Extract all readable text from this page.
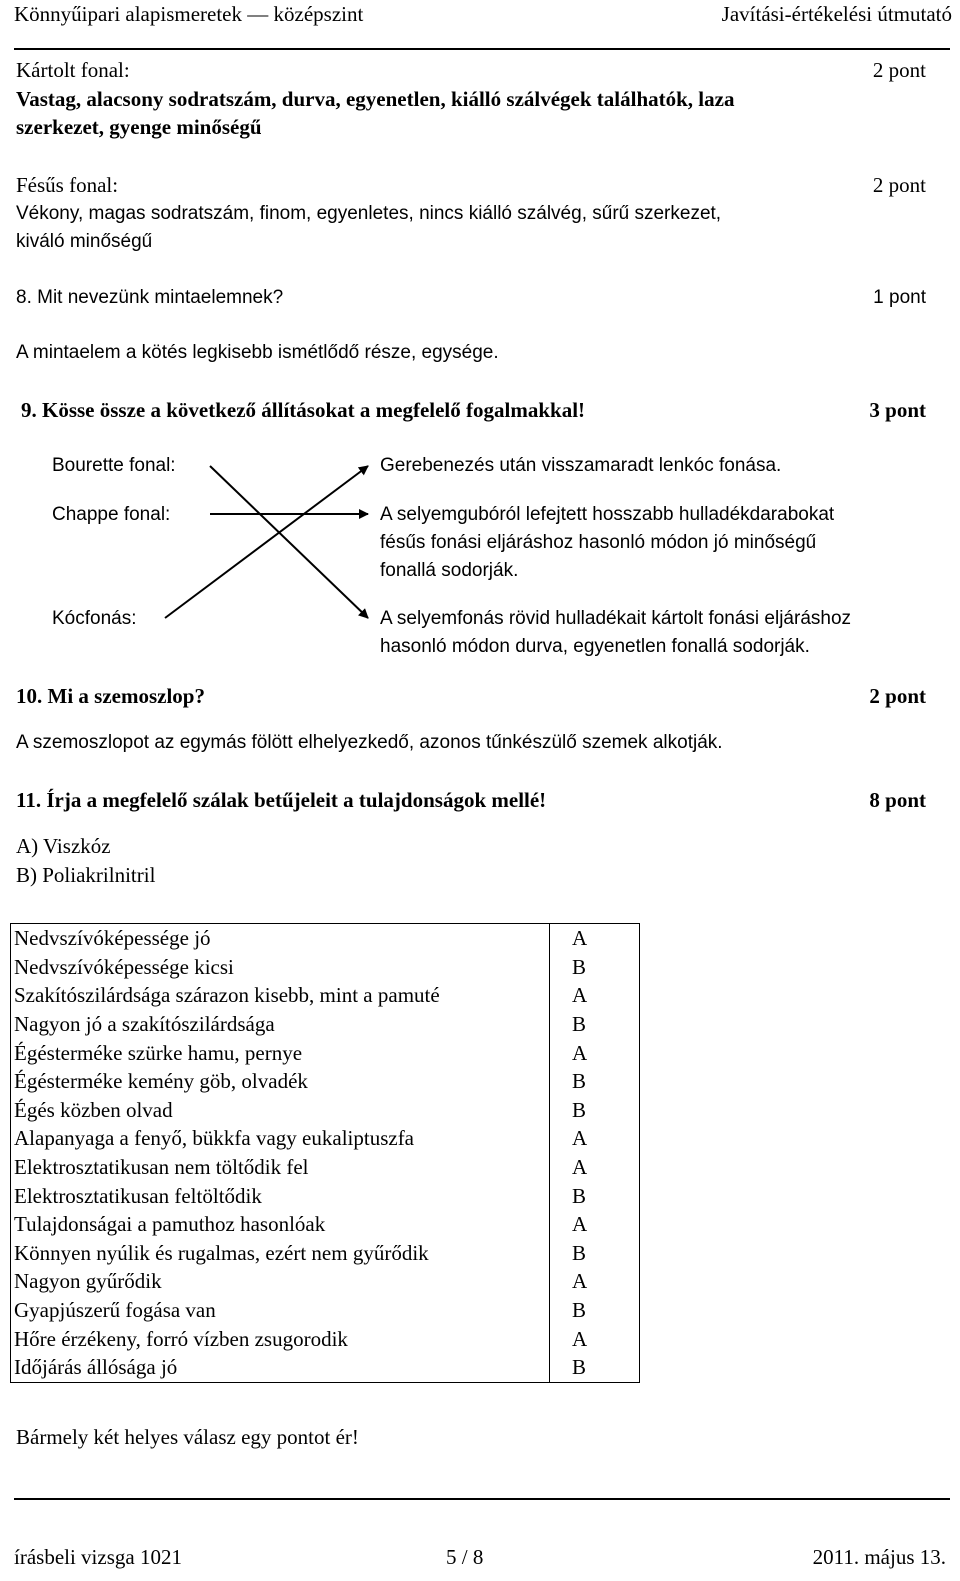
Könnyűipari alapismeretek — középszint	Javítási-értékelési útmutató
Kártolt fonal:	2 pont
Vastag, alacsony sodratszám, durva, egyenetlen, kiálló szálvégek találhatók, laza
szerkezet, gyenge minőségű
Fésűs fonal:	2 pont
Vékony, magas sodratszám, finom, egyenletes, nincs kiálló szálvég, sűrű szerkezet,
kiváló minőségű
8. Mit nevezünk mintaelemnek?	1 pont
A mintaelem a kötés legkisebb ismétlődő része, egysége.
9. Kösse össze a következő állításokat a megfelelő fogalmakkal!	3 pont
Bourette fonal:
Chappe fonal:
Kócfonás:
Gerebenezés után visszamaradt lenkóc fonása.
A selyemgubóról lefejtett hosszabb hulladékdarabokat
fésűs fonási eljáráshoz hasonló módon jó minőségű
fonallá sodorják.
A selyemfonás rövid hulladékait kártolt fonási eljáráshoz
hasonló módon durva, egyenetlen fonallá sodorják.
10. Mi a szemoszlop?	2 pont
A szemoszlopot az egymás fölött elhelyezkedő, azonos tűnkészülő szemek alkotják.
11. Írja a megfelelő szálak betűjeleit a tulajdonságok mellé!	8 pont
A) Viszkóz
B) Poliakrilnitril
Nedvszívóképessége jó	A
Nedvszívóképessége kicsi	B
Szakítószilárdsága szárazon kisebb, mint a pamuté	A
Nagyon jó a szakítószilárdsága	B
Égésterméke szürke hamu, pernye	A
Égésterméke kemény göb, olvadék	B
Égés közben olvad	B
Alapanyaga a fenyő, bükkfa vagy eukaliptuszfa	A
Elektrosztatikusan nem töltődik fel	A
Elektrosztatikusan feltöltődik	B
Tulajdonságai a pamuthoz hasonlóak	A
Könnyen nyúlik és rugalmas, ezért nem gyűrődik	B
Nagyon gyűrődik	A
Gyapjúszerű fogása van	B
Hőre érzékeny, forró vízben zsugorodik	A
Időjárás állósága jó	B
Bármely két helyes válasz egy pontot ér!
írásbeli vizsga 1021	5 / 8	2011. május 13.
